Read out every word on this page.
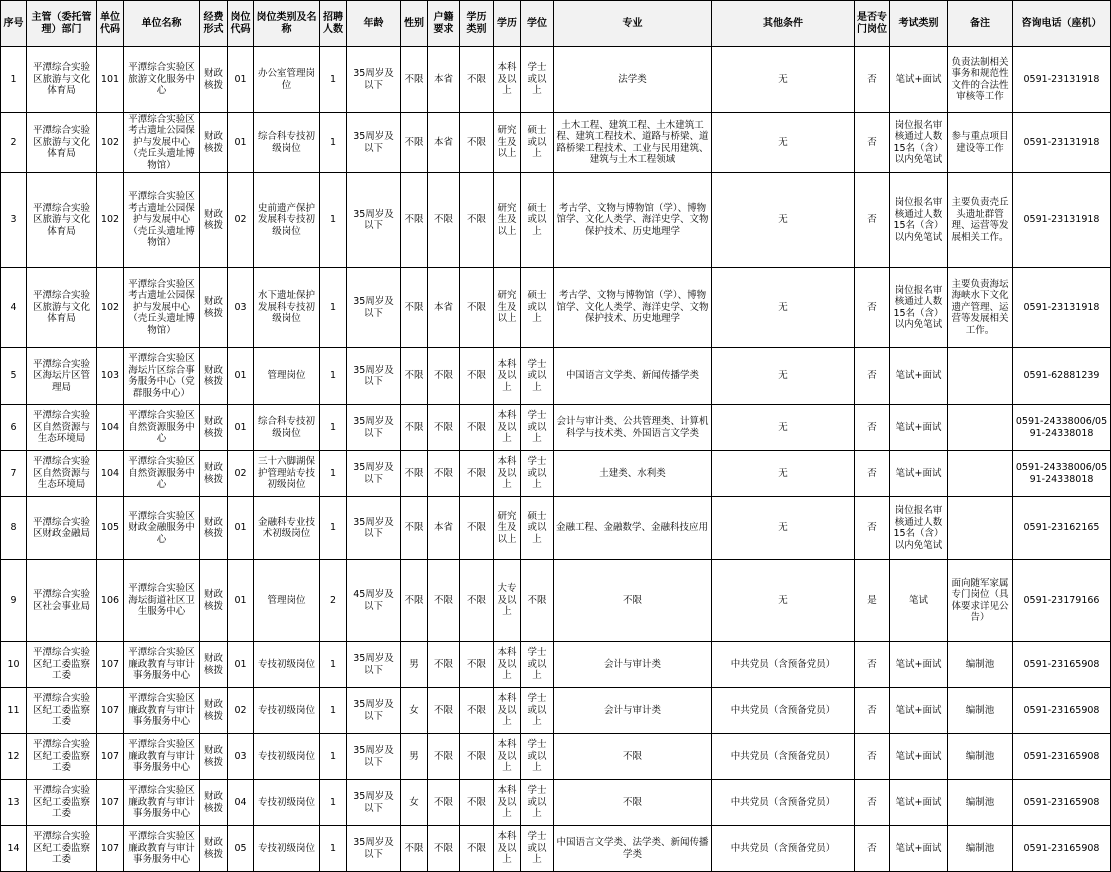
序号	主管（委托管理）部门	单位代码	单位名称	经费形式	岗位代码	岗位类别及名称	招聘人数	年龄	性别	户籍要求	学历类别	学历	学位	专业	其他条件	是否专门岗位	考试类别	备注	咨询电话（座机）
1	平潭综合实验区旅游与文化体育局	101	平潭综合实验区旅游文化服务中心	财政核拨	01	办公室管理岗位	1	35周岁及以下	不限	本省	不限	本科及以上	学士或以上	法学类	无	否	笔试+面试	负责法制相关事务和规范性文件的合法性审核等工作	0591-23131918
2	平潭综合实验区旅游与文化体育局	102	平潭综合实验区考古遗址公园保护与发展中心（壳丘头遗址博物馆）	财政核拨	01	综合科专技初级岗位	1	35周岁及以下	不限	本省	不限	研究生及以上	硕士或以上	土木工程、建筑工程、土木建筑工程、建筑工程技术、道路与桥梁、道路桥梁工程技术、工业与民用建筑、建筑与土木工程领域	无	否	岗位报名审核通过人数15名（含）以内免笔试	参与重点项目建设等工作	0591-23131918
3	平潭综合实验区旅游与文化体育局	102	平潭综合实验区考古遗址公园保护与发展中心（壳丘头遗址博物馆）	财政核拨	02	史前遗产保护发展科专技初级岗位	1	35周岁及以下	不限	不限	不限	研究生及以上	硕士或以上	考古学、文物与博物馆（学）、博物馆学、文化人类学、海洋史学、文物保护技术、历史地理学	无	否	岗位报名审核通过人数15名（含）以内免笔试	主要负责壳丘头遗址群管理、运营等发展相关工作。	0591-23131918
4	平潭综合实验区旅游与文化体育局	102	平潭综合实验区考古遗址公园保护与发展中心（壳丘头遗址博物馆）	财政核拨	03	水下遗址保护发展科专技初级岗位	1	35周岁及以下	不限	本省	不限	研究生及以上	硕士或以上	考古学、文物与博物馆（学）、博物馆学、文化人类学、海洋史学、文物保护技术、历史地理学	无	否	岗位报名审核通过人数15名（含）以内免笔试	主要负责海坛海峡水下文化遗产管理、运营等发展相关工作。	0591-23131918
5	平潭综合实验区海坛片区管理局	103	平潭综合实验区海坛片区综合事务服务中心（党群服务中心）	财政核拨	01	管理岗位	1	35周岁及以下	不限	不限	不限	本科及以上	学士或以上	中国语言文学类、新闻传播学类	无	否	笔试+面试		0591-62881239
6	平潭综合实验区自然资源与生态环境局	104	平潭综合实验区自然资源服务中心	财政核拨	01	综合科专技初级岗位	1	35周岁及以下	不限	不限	不限	本科及以上	学士或以上	会计与审计类、公共管理类、计算机科学与技术类、外国语言文学类	无	否	笔试+面试		0591-24338006/0591-24338018
7	平潭综合实验区自然资源与生态环境局	104	平潭综合实验区自然资源服务中心	财政核拨	02	三十六脚湖保护管理站专技初级岗位	1	35周岁及以下	不限	不限	不限	本科及以上	学士或以上	土建类、水利类	无	否	笔试+面试		0591-24338006/0591-24338018
8	平潭综合实验区财政金融局	105	平潭综合实验区财政金融服务中心	财政核拨	01	金融科专业技术初级岗位	1	35周岁及以下	不限	本省	不限	研究生及以上	硕士或以上	金融工程、金融数学、金融科技应用	无	否	岗位报名审核通过人数15名（含）以内免笔试		0591-23162165
9	平潭综合实验区社会事业局	106	平潭综合实验区海坛街道社区卫生服务中心	财政核拨	01	管理岗位	2	45周岁及以下	不限	不限	不限	大专及以上	不限	不限	无	是	笔试	面向随军家属专门岗位（具体要求详见公告）	0591-23179166
10	平潭综合实验区纪工委监察工委	107	平潭综合实验区廉政教育与审计事务服务中心	财政核拨	01	专技初级岗位	1	35周岁及以下	男	不限	不限	本科及以上	学士或以上	会计与审计类	中共党员（含预备党员）	否	笔试+面试	编制池	0591-23165908
11	平潭综合实验区纪工委监察工委	107	平潭综合实验区廉政教育与审计事务服务中心	财政核拨	02	专技初级岗位	1	35周岁及以下	女	不限	不限	本科及以上	学士或以上	会计与审计类	中共党员（含预备党员）	否	笔试+面试	编制池	0591-23165908
12	平潭综合实验区纪工委监察工委	107	平潭综合实验区廉政教育与审计事务服务中心	财政核拨	03	专技初级岗位	1	35周岁及以下	男	不限	不限	本科及以上	学士或以上	不限	中共党员（含预备党员）	否	笔试+面试	编制池	0591-23165908
13	平潭综合实验区纪工委监察工委	107	平潭综合实验区廉政教育与审计事务服务中心	财政核拨	04	专技初级岗位	1	35周岁及以下	女	不限	不限	本科及以上	学士或以上	不限	中共党员（含预备党员）	否	笔试+面试	编制池	0591-23165908
14	平潭综合实验区纪工委监察工委	107	平潭综合实验区廉政教育与审计事务服务中心	财政核拨	05	专技初级岗位	1	35周岁及以下	不限	不限	不限	本科及以上	学士或以上	中国语言文学类、法学类、新闻传播学类	中共党员（含预备党员）	否	笔试+面试	编制池	0591-23165908
